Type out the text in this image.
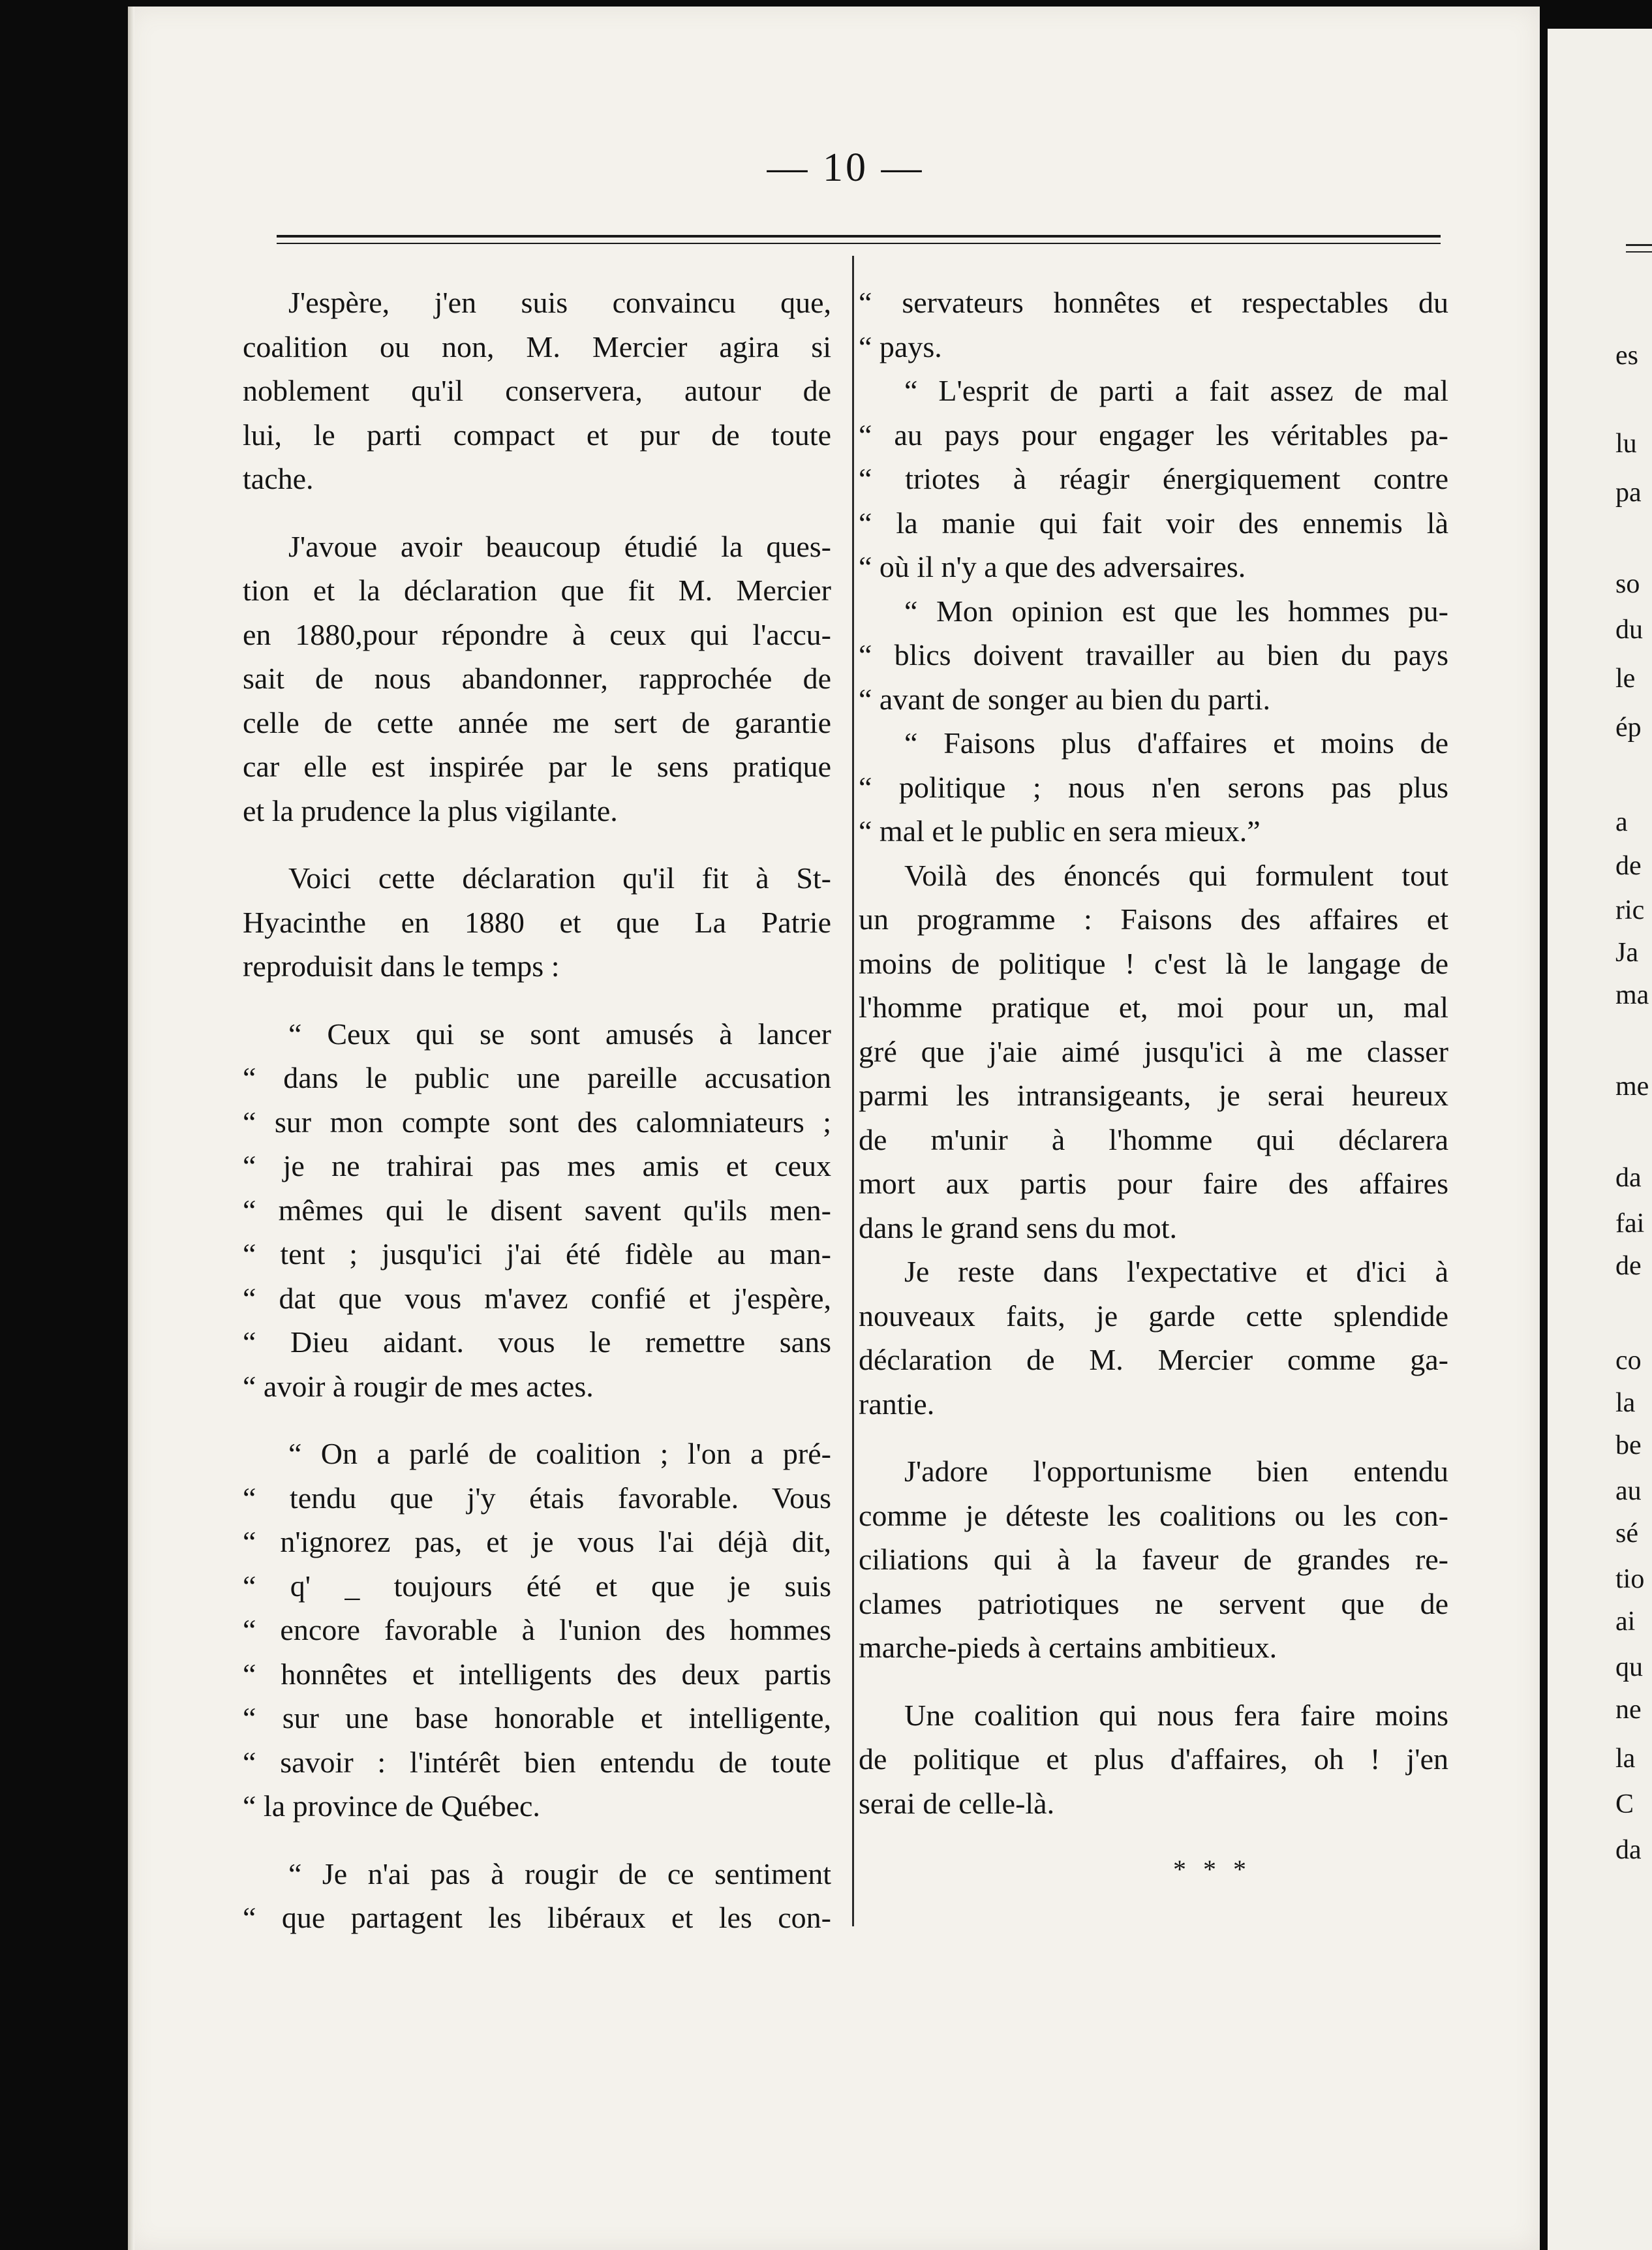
es
lu
pa
so
du
le
ép
a
de
ric
Ja
ma
me
da
fai
de
co
la
be
au
sé
tio
ai
qu
ne
la
C
da
— 10 —
J'espère, j'en suis convaincu que,
coalition ou non, M. Mercier agira si
noblement qu'il conservera, autour de
lui, le parti compact et pur de toute
tache.
J'avoue avoir beaucoup étudié la ques-
tion et la déclaration que fit M. Mercier
en 1880,pour répondre à ceux qui l'accu-
sait de nous abandonner, rapprochée de
celle de cette année me sert de garantie
car elle est inspirée par le sens pratique
et la prudence la plus vigilante.
Voici cette déclaration qu'il fit à St-
Hyacinthe en 1880 et que La Patrie
reproduisit dans le temps :
“ Ceux qui se sont amusés à lancer
“ dans le public une pareille accusation
“ sur mon compte sont des calomniateurs ;
“ je ne trahirai pas mes amis et ceux
“ mêmes qui le disent savent qu'ils men-
“ tent ; jusqu'ici j'ai été fidèle au man-
“ dat que vous m'avez confié et j'espère,
“ Dieu aidant. vous le remettre sans
“ avoir à rougir de mes actes.
“ On a parlé de coalition ; l'on a pré-
“ tendu que j'y étais favorable. Vous
“ n'ignorez pas, et je vous l'ai déjà dit,
“ q' _ toujours été et que je suis
“ encore favorable à l'union des hommes
“ honnêtes et intelligents des deux partis
“ sur une base honorable et intelligente,
“ savoir : l'intérêt bien entendu de toute
“ la province de Québec.
“ Je n'ai pas à rougir de ce sentiment
“ que partagent les libéraux et les con-
“ servateurs honnêtes et respectables du
“ pays.
“ L'esprit de parti a fait assez de mal
“ au pays pour engager les véritables pa-
“ triotes à réagir énergiquement contre
“ la manie qui fait voir des ennemis là
“ où il n'y a que des adversaires.
“ Mon opinion est que les hommes pu-
“ blics doivent travailler au bien du pays
“ avant de songer au bien du parti.
“ Faisons plus d'affaires et moins de
“ politique ; nous n'en serons pas plus
“ mal et le public en sera mieux.”
Voilà des énoncés qui formulent tout
un programme : Faisons des affaires et
moins de politique ! c'est là le langage de
l'homme pratique et, moi pour un, mal
gré que j'aie aimé jusqu'ici à me classer
parmi les intransigeants, je serai heureux
de m'unir à l'homme qui déclarera
mort aux partis pour faire des affaires
dans le grand sens du mot.
Je reste dans l'expectative et d'ici à
nouveaux faits, je garde cette splendide
déclaration de M. Mercier comme ga-
rantie.
J'adore l'opportunisme bien entendu
comme je déteste les coalitions ou les con-
ciliations qui à la faveur de grandes re-
clames patriotiques ne servent que de
marche-pieds à certains ambitieux.
Une coalition qui nous fera faire moins
de politique et plus d'affaires, oh ! j'en
serai de celle-là.
* * *
